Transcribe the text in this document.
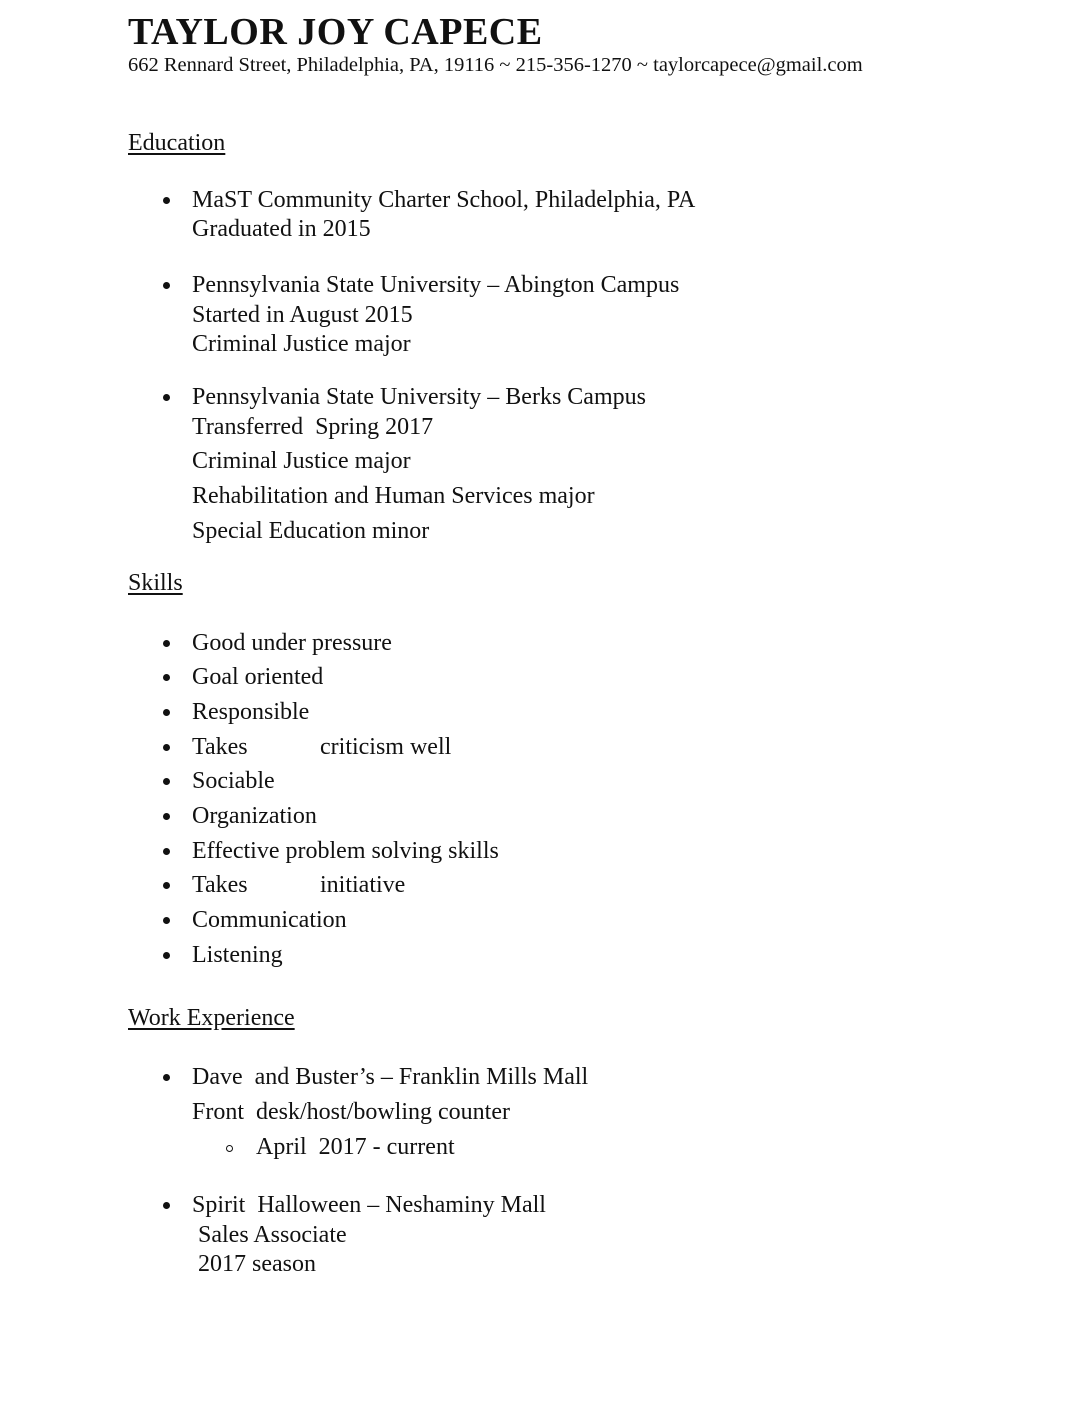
TAYLOR JOY CAPECE
662 Rennard Street, Philadelphia, PA, 19116 ~ 215-356-1270 ~ taylorcapece@gmail.com
Education
MaST Community Charter School, Philadelphia, PA
Graduated in 2015
Pennsylvania State University – Abington Campus
Started in August 2015
Criminal Justice major
Pennsylvania State University – Berks Campus
Transferred  Spring 2017
Criminal Justice major
Rehabilitation and Human Services major
Special Education minor
Skills
Good under pressure
Goal oriented
Responsible
Takes	criticism well
Sociable
Organization
Effective problem solving skills
Takes	initiative
Communication
Listening
Work Experience
Dave  and Buster’s – Franklin Mills Mall
Front  desk/host/bowling counter
April  2017 - current
Spirit  Halloween – Neshaminy Mall
Sales Associate
2017 season
